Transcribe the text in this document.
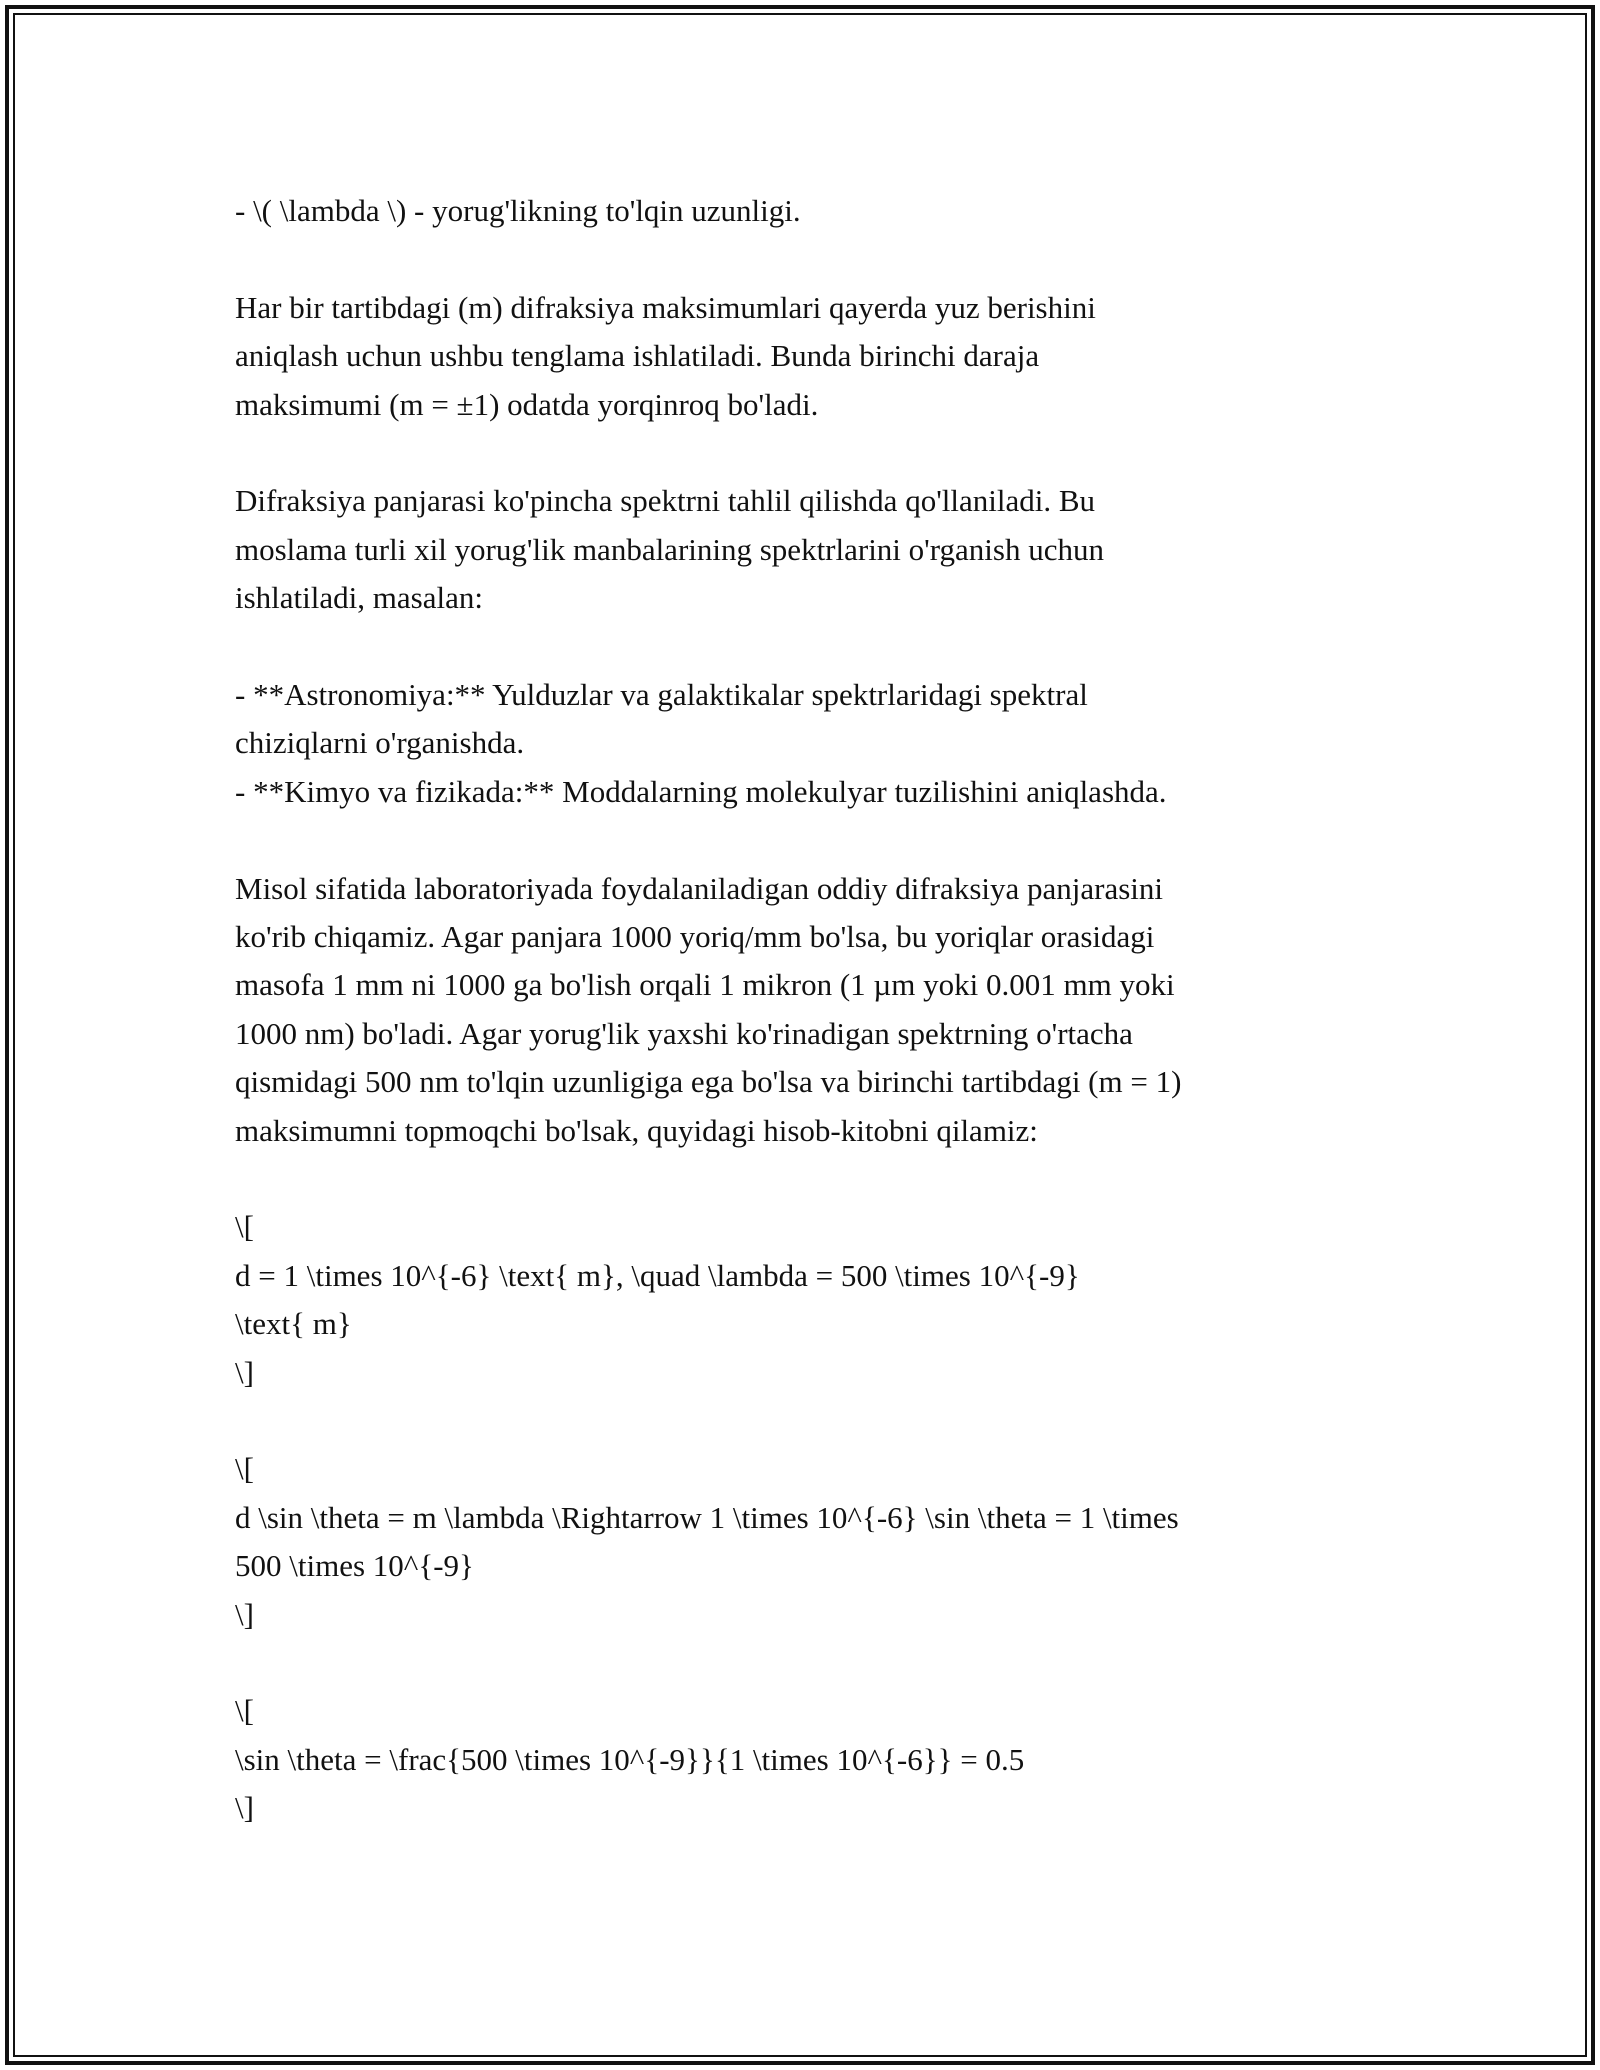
- \( \lambda \) - yorug'likning to'lqin uzunligi.
Har bir tartibdagi (m) difraksiya maksimumlari qayerda yuz berishini
aniqlash uchun ushbu tenglama ishlatiladi. Bunda birinchi daraja
maksimumi (m = ±1) odatda yorqinroq bo'ladi.
Difraksiya panjarasi ko'pincha spektrni tahlil qilishda qo'llaniladi. Bu
moslama turli xil yorug'lik manbalarining spektrlarini o'rganish uchun
ishlatiladi, masalan:
- **Astronomiya:** Yulduzlar va galaktikalar spektrlaridagi spektral
chiziqlarni o'rganishda.
- **Kimyo va fizikada:** Moddalarning molekulyar tuzilishini aniqlashda.
Misol sifatida laboratoriyada foydalaniladigan oddiy difraksiya panjarasini
ko'rib chiqamiz. Agar panjara 1000 yoriq/mm bo'lsa, bu yoriqlar orasidagi
masofa 1 mm ni 1000 ga bo'lish orqali 1 mikron (1 µm yoki 0.001 mm yoki
1000 nm) bo'ladi. Agar yorug'lik yaxshi ko'rinadigan spektrning o'rtacha
qismidagi 500 nm to'lqin uzunligiga ega bo'lsa va birinchi tartibdagi (m = 1)
maksimumni topmoqchi bo'lsak, quyidagi hisob-kitobni qilamiz:
\[
d = 1 \times 10^{-6} \text{ m}, \quad \lambda = 500 \times 10^{-9}
\text{ m}
\]
\[
d \sin \theta = m \lambda \Rightarrow 1 \times 10^{-6} \sin \theta = 1 \times
500 \times 10^{-9}
\]
\[
\sin \theta = \frac{500 \times 10^{-9}}{1 \times 10^{-6}} = 0.5
\]
